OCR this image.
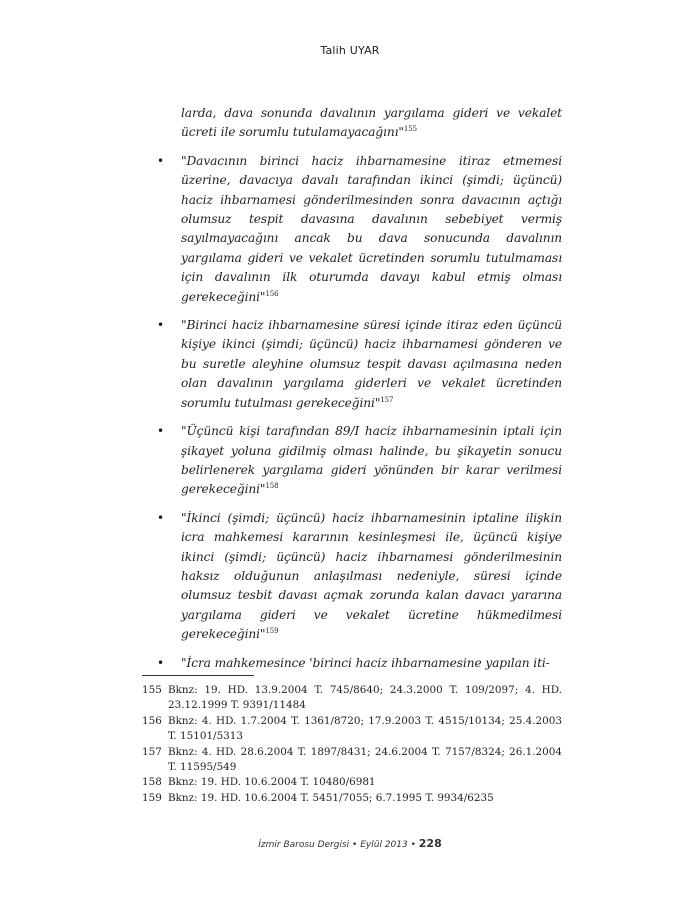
Talih UYAR

larda, dava sonunda davalının yargılama gideri ve vekalet ücreti ile sorumlu tutulamayacağını"$^{155}$

• "Davacının birinci haciz ihbarnamesine itiraz etmemesi üzerine, davacıya davalı tarafından ikinci (şimdi; üçüncü) haciz ihbarnamesi gönderilmesinden sonra davacının açtığı olumsuz tespit davasına davalının sebebiyet vermiş sayılmayacağını ancak bu dava sonucunda davalının yargılama gideri ve vekalet ücretinden sorumlu tutulmaması için davalının ilk oturumda davayı kabul etmiş olması gerekeceğini"$^{156}$

• "Birinci haciz ihbarnamesine süresi içinde itiraz eden üçüncü kişiye ikinci (şimdi; üçüncü) haciz ihbarnamesi gönderen ve bu suretle aleyhine olumsuz tespit davası açılmasına neden olan davalının yargılama giderleri ve vekalet ücretinden sorumlu tutulması gerekeceğini"$^{157}$

• "Üçüncü kişi tarafından 89/I haciz ihbarnamesinin iptali için şikayet yoluna gidilmiş olması halinde, bu şikayetin sonucu belirlenerek yargılama gideri yönünden bir karar verilmesi gerekeceğini"$^{158}$

• "İkinci (şimdi; üçüncü) haciz ihbarnamesinin iptaline ilişkin icra mahkemesi kararının kesinleşmesi ile, üçüncü kişiye ikinci (şimdi; üçüncü) haciz ihbarnamesi gönderilmesinin haksız olduğunun anlaşılması nedeniyle, süresi içinde olumsuz tesbit davası açmak zorunda kalan davacı yararına yargılama gideri ve vekalet ücretine hükmedilmesi gerekeceğini"$^{159}$

• "İcra mahkemesince 'birinci haciz ihbarnamesine yapılan iti-

155 Bknz: 19. HD. 13.9.2004 T. 745/8640; 24.3.2000 T. 109/2097; 4. HD. 23.12.1999 T. 9391/11484
156 Bknz: 4. HD. 1.7.2004 T. 1361/8720; 17.9.2003 T. 4515/10134; 25.4.2003 T. 15101/5313
157 Bknz: 4. HD. 28.6.2004 T. 1897/8431; 24.6.2004 T. 7157/8324; 26.1.2004 T. 11595/549
158 Bknz: 19. HD. 10.6.2004 T. 10480/6981
159 Bknz: 19. HD. 10.6.2004 T. 5451/7055; 6.7.1995 T. 9934/6235
İzmir Barosu Dergisi • Eylül 2013 • 228
